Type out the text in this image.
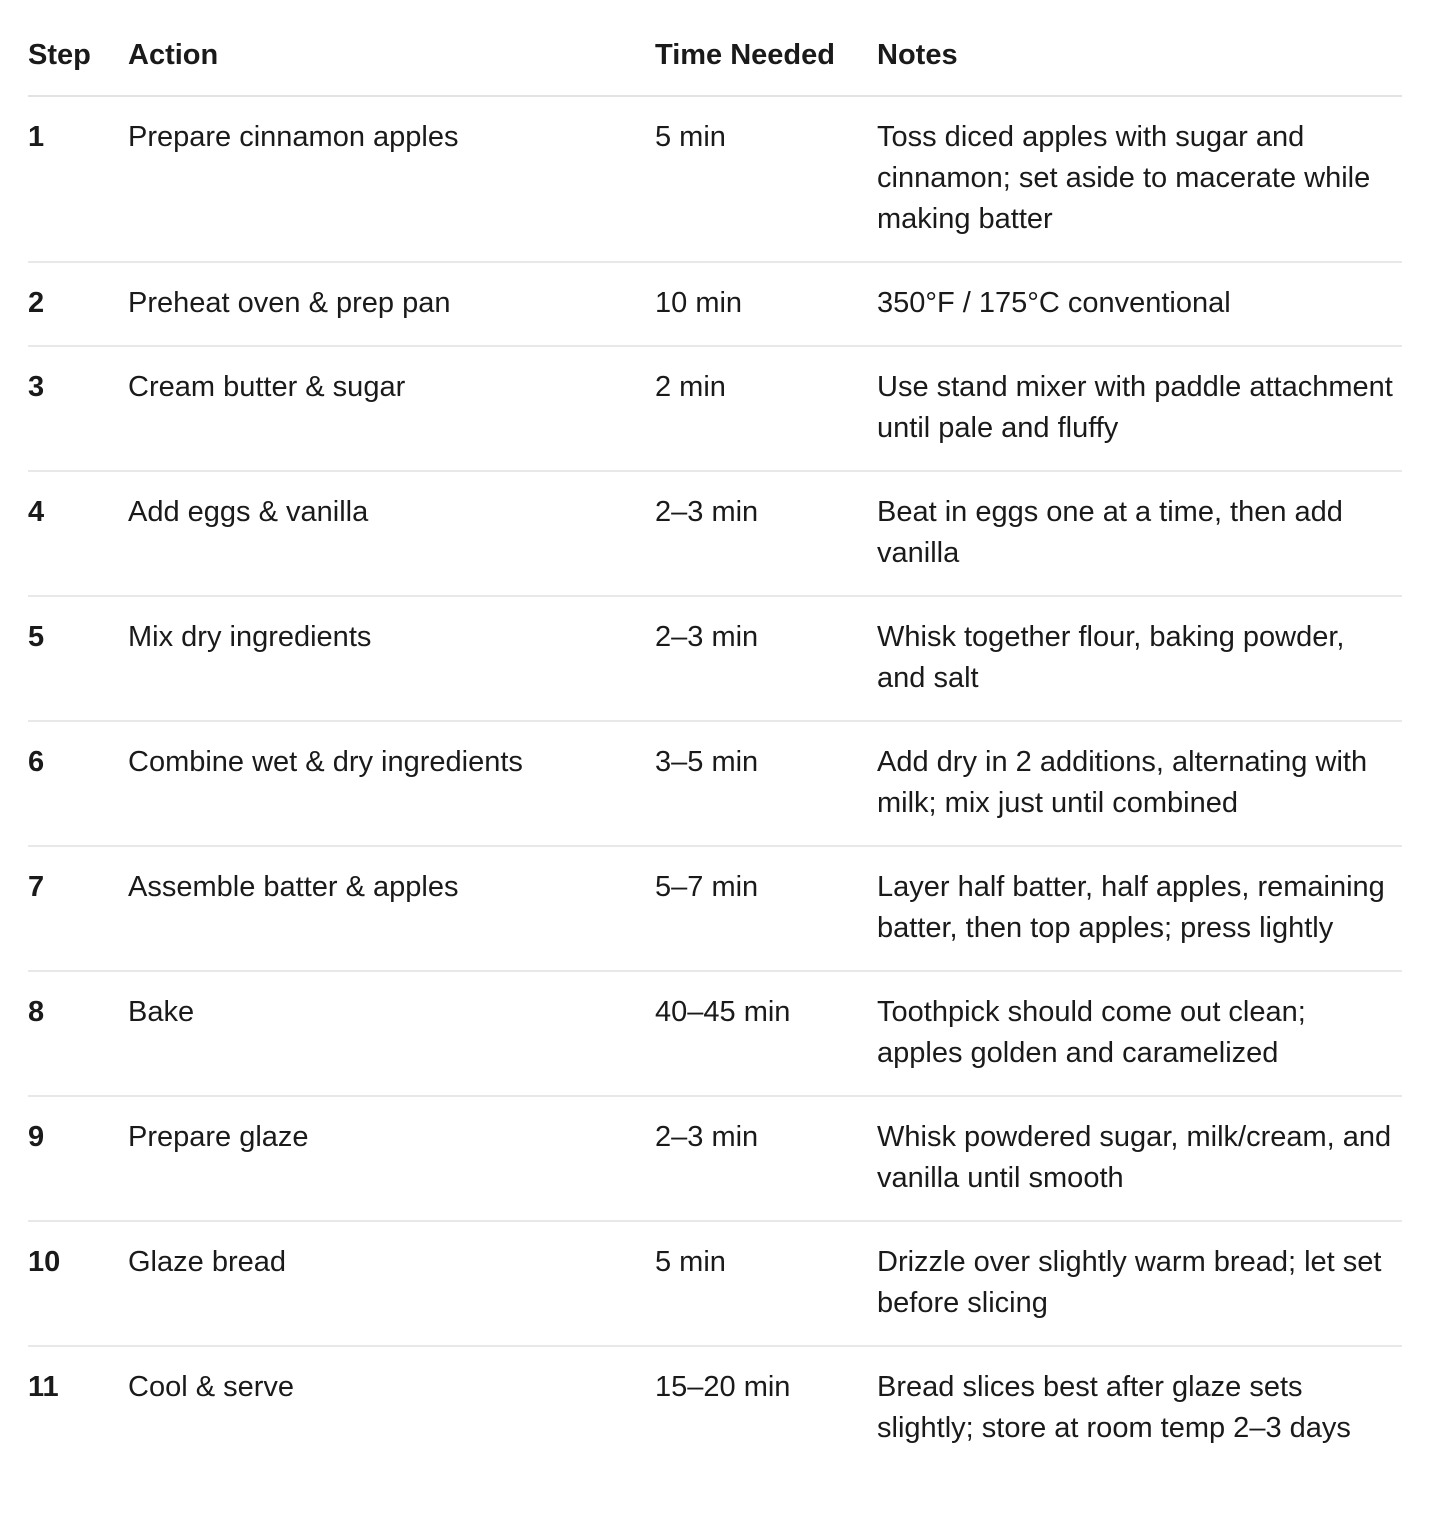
Step	Action	Time Needed	Notes
1	Prepare cinnamon apples	5 min	Toss diced apples with sugar and cinnamon; set aside to macerate while making batter
2	Preheat oven & prep pan	10 min	350°F / 175°C conventional
3	Cream butter & sugar	2 min	Use stand mixer with paddle attachment until pale and fluffy
4	Add eggs & vanilla	2–3 min	Beat in eggs one at a time, then add vanilla
5	Mix dry ingredients	2–3 min	Whisk together flour, baking powder, and salt
6	Combine wet & dry ingredients	3–5 min	Add dry in 2 additions, alternating with milk; mix just until combined
7	Assemble batter & apples	5–7 min	Layer half batter, half apples, remaining batter, then top apples; press lightly
8	Bake	40–45 min	Toothpick should come out clean; apples golden and caramelized
9	Prepare glaze	2–3 min	Whisk powdered sugar, milk/cream, and vanilla until smooth
10	Glaze bread	5 min	Drizzle over slightly warm bread; let set before slicing
11	Cool & serve	15–20 min	Bread slices best after glaze sets slightly; store at room temp 2–3 days
